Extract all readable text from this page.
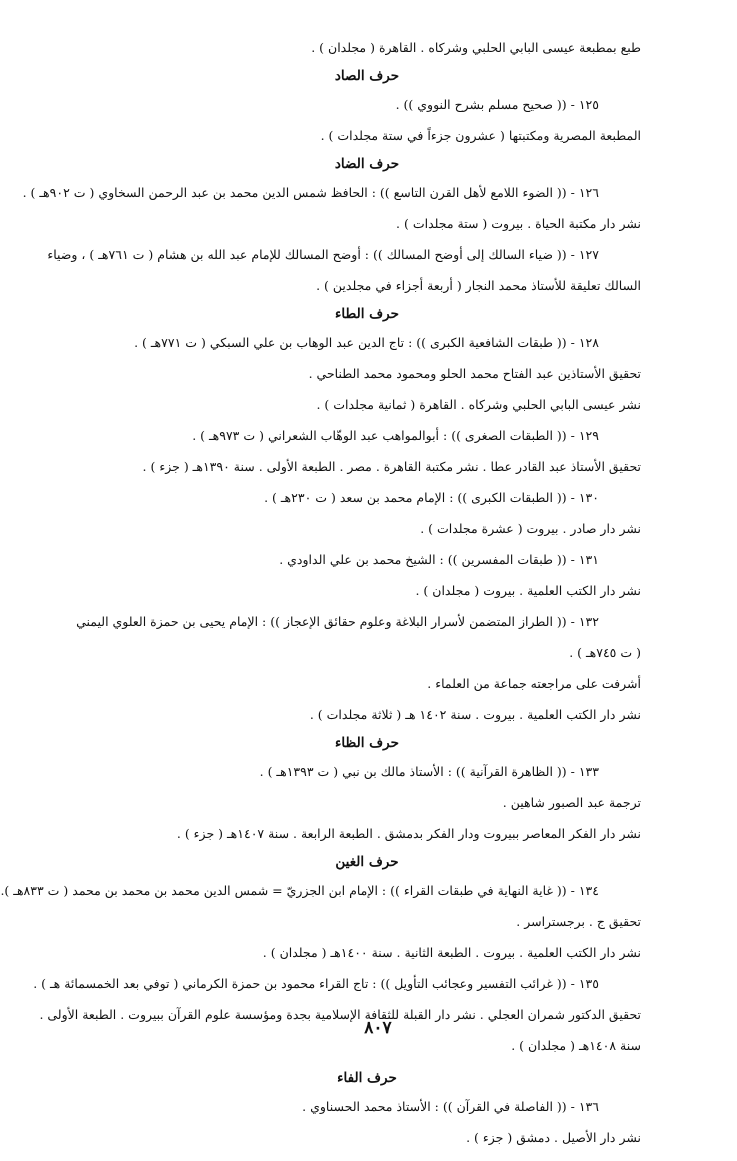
طبع بمطبعة عيسى البابي الحلبي وشركاه . القاهرة ( مجلدان ) .
حرف الصاد
١٢٥ - (( صحيح مسلم بشرح النووي )) .
المطبعة المصرية ومكتبتها ( عشرون جزءاً في ستة مجلدات ) .
حرف الضاد
١٢٦ - (( الضوء اللامع لأهل القرن التاسع )) : الحافظ شمس الدين محمد بن عبد الرحمن السخاوي ( ت ٩٠٢هـ ) .
نشر دار مكتبة الحياة . بيروت ( ستة مجلدات ) .
١٢٧ - (( ضياء السالك إلى أوضح المسالك )) : أوضح المسالك للإمام عبد الله بن هشام ( ت ٧٦١هـ ) ، وضياء
السالك تعليقة للأستاذ محمد النجار ( أربعة أجزاء في مجلدين ) .
حرف الطاء
١٢٨ - (( طبقات الشافعية الكبرى )) : تاج الدين عبد الوهاب بن علي السبكي ( ت ٧٧١هـ ) .
تحقيق الأستاذين عبد الفتاح محمد الحلو ومحمود محمد الطناحي .
نشر عيسى البابي الحلبي وشركاه . القاهرة ( ثمانية مجلدات ) .
١٢٩ - (( الطبقات الصغرى )) : أبوالمواهب عبد الوهّاب الشعراني ( ت ٩٧٣هـ ) .
تحقيق الأستاذ عبد القادر عطا . نشر مكتبة القاهرة . مصر . الطبعة الأولى . سنة ١٣٩٠هـ ( جزء ) .
١٣٠ - (( الطبقات الكبرى )) : الإمام محمد بن سعد ( ت ٢٣٠هـ ) .
نشر دار صادر . بيروت ( عشرة مجلدات ) .
١٣١ - (( طبقات المفسرين )) : الشيخ محمد بن علي الداودي .
نشر دار الكتب العلمية . بيروت ( مجلدان ) .
١٣٢ - (( الطراز المتضمن لأسرار البلاغة وعلوم حقائق الإعجاز )) : الإمام يحيى بن حمزة العلوي اليمني
( ت ٧٤٥هـ ) .
أشرفت على مراجعته جماعة من العلماء .
نشر دار الكتب العلمية . بيروت . سنة ١٤٠٢ هـ ( ثلاثة مجلدات ) .
حرف الظاء
١٣٣ - (( الظاهرة القرآنية )) : الأستاذ مالك بن نبي ( ت ١٣٩٣هـ ) .
ترجمة عبد الصبور شاهين .
نشر دار الفكر المعاصر ببيروت ودار الفكر بدمشق . الطبعة الرابعة . سنة ١٤٠٧هـ ( جزء ) .
حرف الغين
١٣٤ - (( غاية النهاية في طبقات القراء )) : الإمام ابن الجزريّ = شمس الدين محمد بن محمد بن محمد ( ت ٨٣٣هـ ).
تحقيق ج . برجستراسر .
نشر دار الكتب العلمية . بيروت . الطبعة الثانية . سنة ١٤٠٠هـ ( مجلدان ) .
١٣٥ - (( غرائب التفسير وعجائب التأويل )) : تاج القراء محمود بن حمزة الكرماني ( توفي بعد الخمسمائة هـ ) .
تحقيق الدكتور شمران العجلي . نشر دار القبلة للثقافة الإسلامية بجدة ومؤسسة علوم القرآن ببيروت . الطبعة الأولى .
سنة ١٤٠٨هـ ( مجلدان ) .
حرف الفاء
١٣٦ - (( الفاصلة في القرآن )) : الأستاذ محمد الحسناوي .
نشر دار الأصيل . دمشق ( جزء ) .
٨٠٧
